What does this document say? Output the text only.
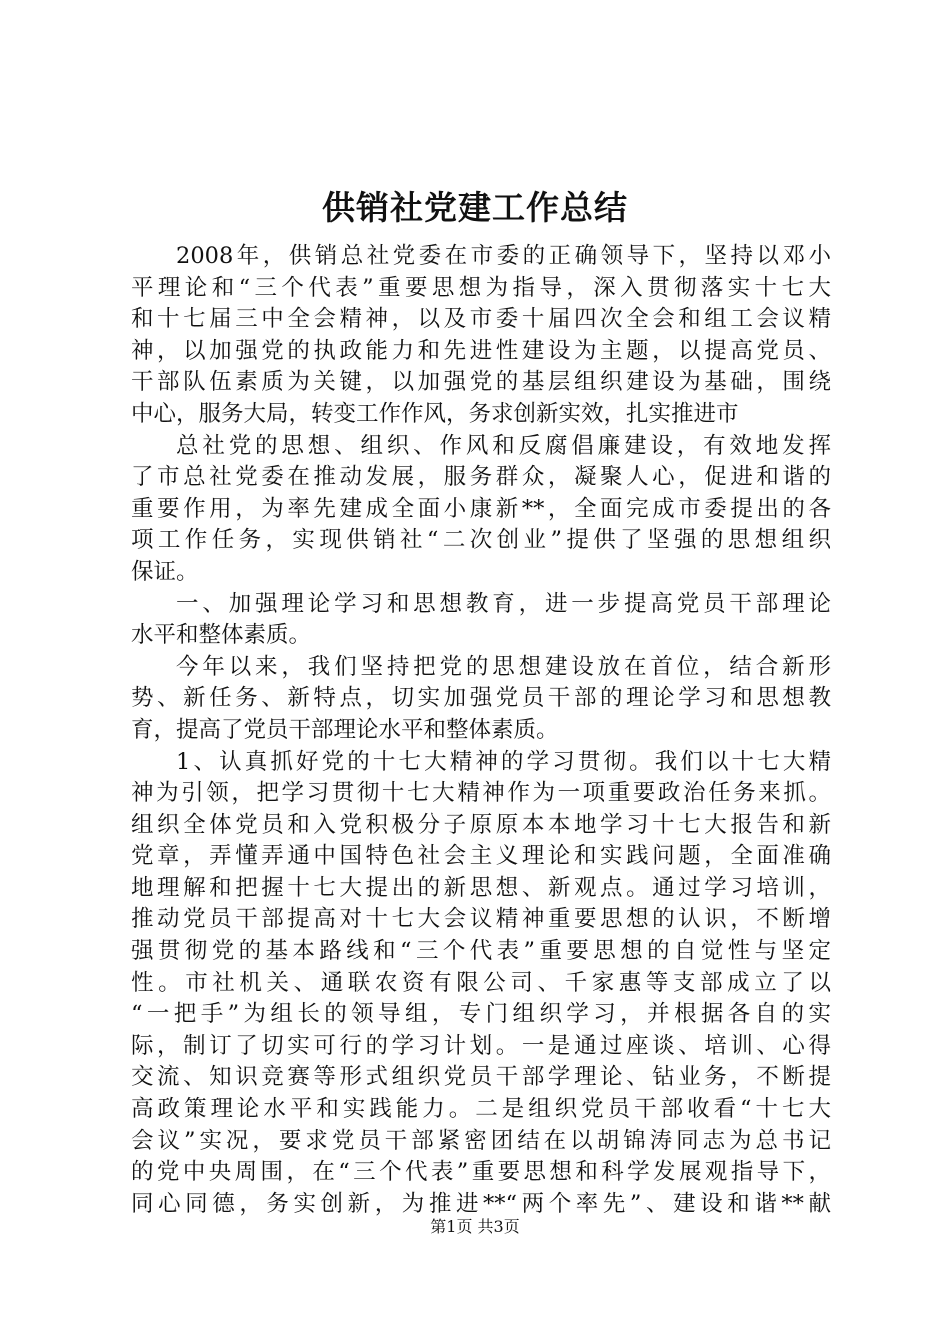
供销社党建工作总结
2008年，供销总社党委在市委的正确领导下，坚持以邓小
平理论和“三个代表”重要思想为指导，深入贯彻落实十七大
和十七届三中全会精神，以及市委十届四次全会和组工会议精
神，以加强党的执政能力和先进性建设为主题，以提高党员、
干部队伍素质为关键，以加强党的基层组织建设为基础，围绕
中心，服务大局，转变工作作风，务求创新实效，扎实推进市
总社党的思想、组织、作风和反腐倡廉建设，有效地发挥
了市总社党委在推动发展，服务群众，凝聚人心，促进和谐的
重要作用，为率先建成全面小康新**，全面完成市委提出的各
项工作任务，实现供销社“二次创业”提供了坚强的思想组织
保证。
一、加强理论学习和思想教育，进一步提高党员干部理论
水平和整体素质。
今年以来，我们坚持把党的思想建设放在首位，结合新形
势、新任务、新特点，切实加强党员干部的理论学习和思想教
育，提高了党员干部理论水平和整体素质。
1、认真抓好党的十七大精神的学习贯彻。我们以十七大精
神为引领，把学习贯彻十七大精神作为一项重要政治任务来抓。
组织全体党员和入党积极分子原原本本地学习十七大报告和新
党章，弄懂弄通中国特色社会主义理论和实践问题，全面准确
地理解和把握十七大提出的新思想、新观点。通过学习培训，
推动党员干部提高对十七大会议精神重要思想的认识，不断增
强贯彻党的基本路线和“三个代表”重要思想的自觉性与坚定
性。市社机关、通联农资有限公司、千家惠等支部成立了以
“一把手”为组长的领导组，专门组织学习，并根据各自的实
际，制订了切实可行的学习计划。一是通过座谈、培训、心得
交流、知识竞赛等形式组织党员干部学理论、钻业务，不断提
高政策理论水平和实践能力。二是组织党员干部收看“十七大
会议”实况，要求党员干部紧密团结在以胡锦涛同志为总书记
的党中央周围，在“三个代表”重要思想和科学发展观指导下，
同心同德，务实创新，为推进**“两个率先”、建设和谐**献
第1页 共3页
